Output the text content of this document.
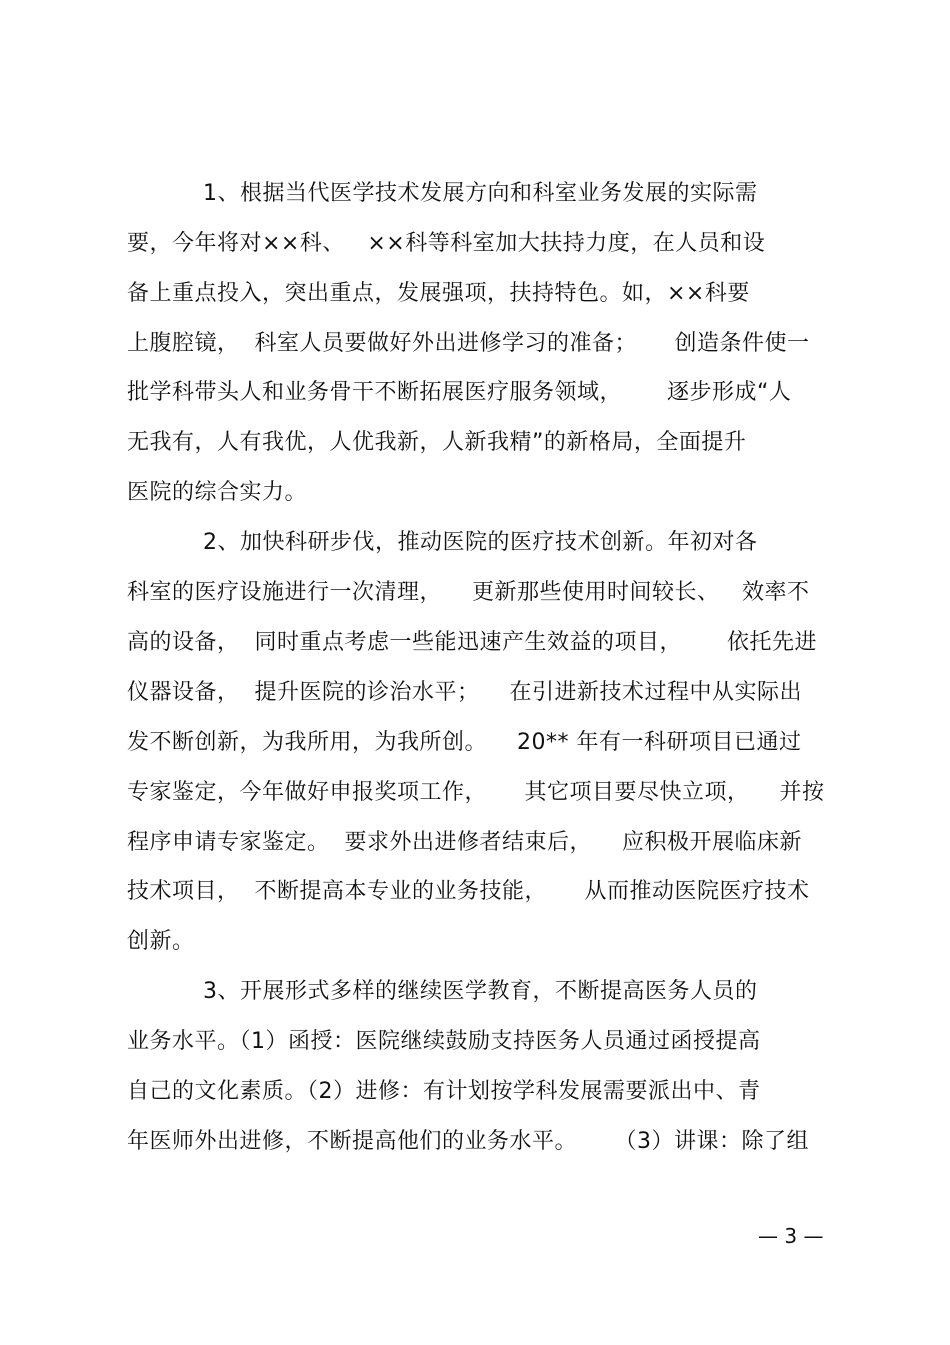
1、根据当代医学技术发展方向和科室业务发展的实际需
要，今年将对××科、   ××科等科室加大扶持力度，在人员和设
备上重点投入，突出重点，发展强项，扶持特色。如，××科要
上腹腔镜，  科室人员要做好外出进修学习的准备；     创造条件使一
批学科带头人和业务骨干不断拓展医疗服务领域，      逐步形成“人
无我有，人有我优，人优我新，人新我精”的新格局，全面提升
医院的综合实力。
2、加快科研步伐，推动医院的医疗技术创新。年初对各
科室的医疗设施进行一次清理，    更新那些使用时间较长、   效率不
高的设备，  同时重点考虑一些能迅速产生效益的项目，      依托先进
仪器设备，  提升医院的诊治水平；    在引进新技术过程中从实际出
发不断创新，为我所用，为我所创。    20** 年有一科研项目已通过
专家鉴定，今年做好申报奖项工作，     其它项目要尽快立项，    并按
程序申请专家鉴定。  要求外出进修者结束后，    应积极开展临床新
技术项目，  不断提高本专业的业务技能，     从而推动医院医疗技术
创新。
3、开展形式多样的继续医学教育，不断提高医务人员的
业务水平。（1）函授：医院继续鼓励支持医务人员通过函授提高
自己的文化素质。（2）进修：有计划按学科发展需要派出中、青
年医师外出进修，不断提高他们的业务水平。     （3）讲课：除了组
— 3 —
